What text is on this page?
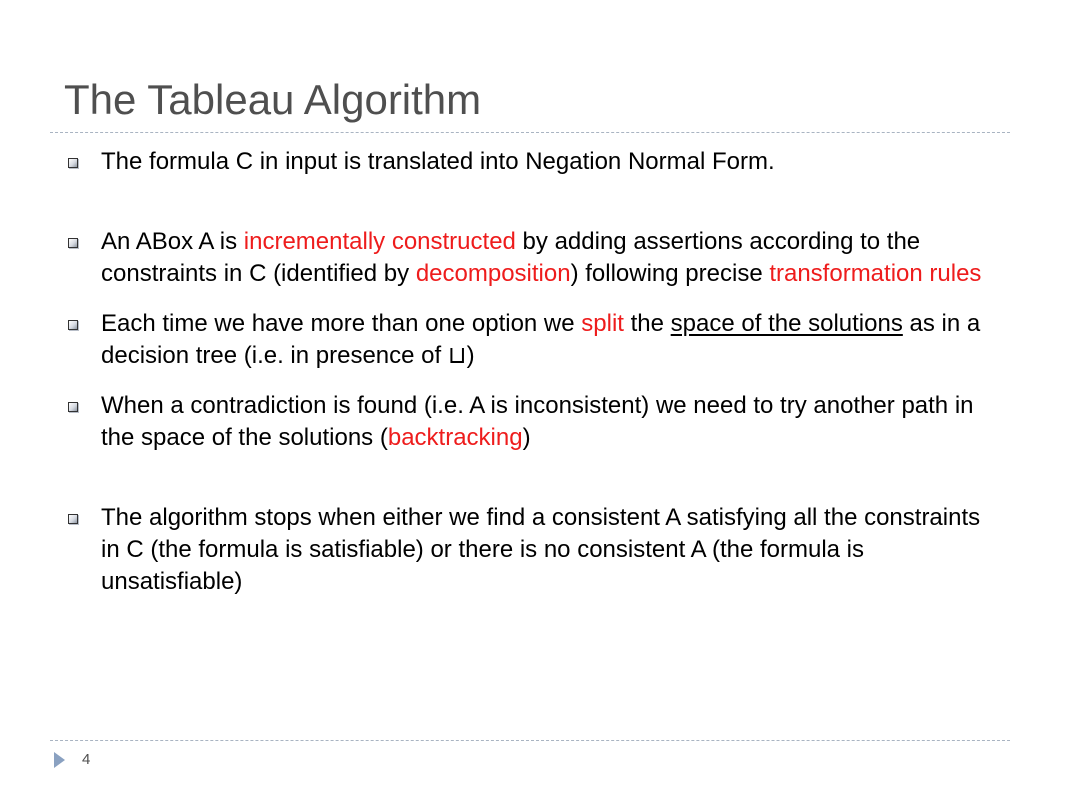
The Tableau Algorithm
The formula C in input is translated into Negation Normal Form.
An ABox A is incrementally constructed by adding assertions according to the constraints in C (identified by decomposition) following precise transformation rules
Each time we have more than one option we split the space of the solutions as in a decision tree (i.e. in presence of ⊔)
When a contradiction is found (i.e. A is inconsistent) we need to try another path in the space of the solutions (backtracking)
The algorithm stops when either we find a consistent A satisfying all the constraints in C (the formula is satisfiable) or there is no consistent A (the formula is unsatisfiable)
4
